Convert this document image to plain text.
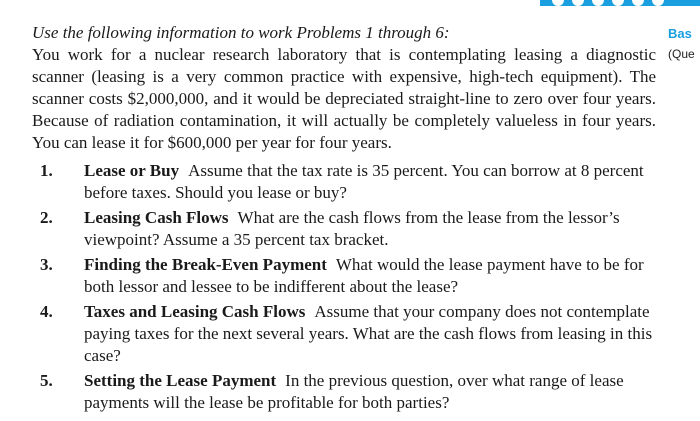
Bas
(Que

Use the following information to work Problems 1 through 6:

You work for a nuclear research laboratory that is contemplating leasing a diagnostic scanner (leasing is a very common practice with expensive, high-tech equipment). The scanner costs $2,000,000, and it would be depreciated straight-line to zero over four years. Because of radiation contamination, it will actually be completely valueless in four years. You can lease it for $600,000 per year for four years.

1.	Lease or Buy Assume that the tax rate is 35 percent. You can borrow at 8 percent before taxes. Should you lease or buy?
2.	Leasing Cash Flows What are the cash flows from the lease from the lessor’s viewpoint? Assume a 35 percent tax bracket.
3.	Finding the Break-Even Payment What would the lease payment have to be for both lessor and lessee to be indifferent about the lease?
4.	Taxes and Leasing Cash Flows Assume that your company does not contemplate paying taxes for the next several years. What are the cash flows from leasing in this case?
5.	Setting the Lease Payment In the previous question, over what range of lease payments will the lease be profitable for both parties?
